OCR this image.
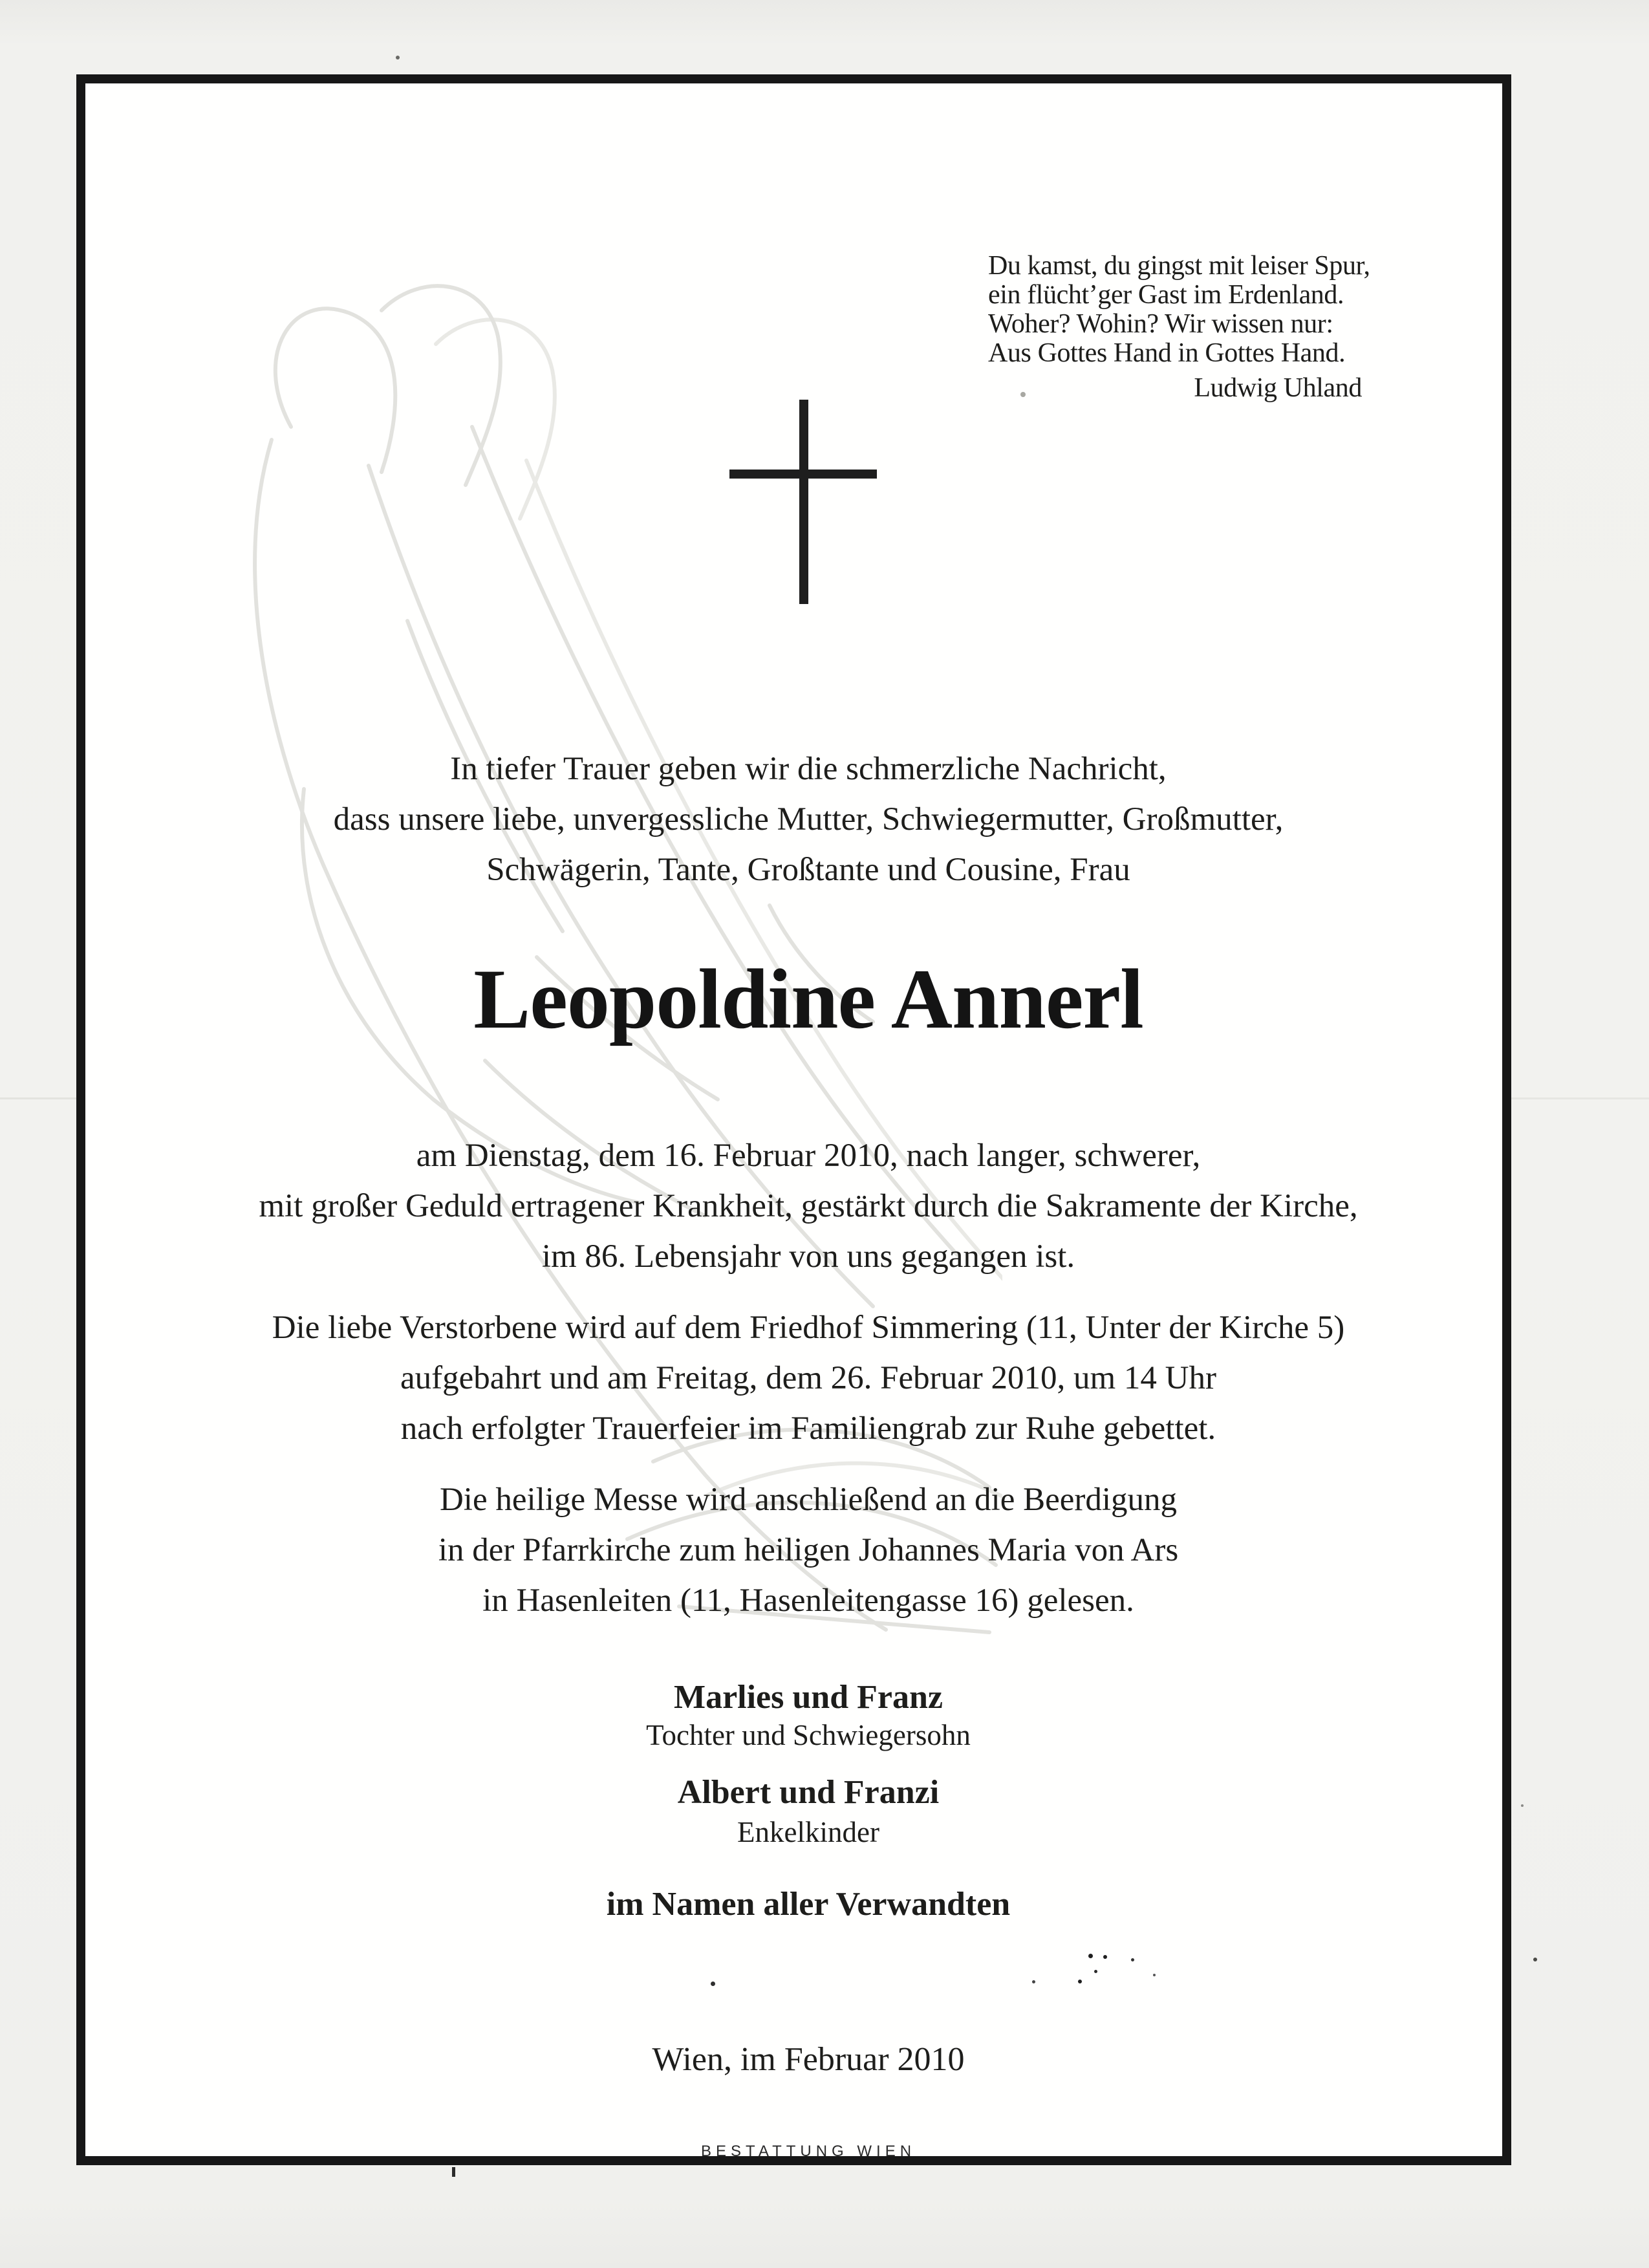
Du kamst, du gingst mit leiser Spur,
ein flücht’ger Gast im Erdenland.
Woher? Wohin? Wir wissen nur:
Aus Gottes Hand in Gottes Hand.
Ludwig Uhland
In tiefer Trauer geben wir die schmerzliche Nachricht,
dass unsere liebe, unvergessliche Mutter, Schwiegermutter, Großmutter,
Schwägerin, Tante, Großtante und Cousine, Frau
Leopoldine Annerl
am Dienstag, dem 16. Februar 2010, nach langer, schwerer,
mit großer Geduld ertragener Krankheit, gestärkt durch die Sakramente der Kirche,
im 86. Lebensjahr von uns gegangen ist.
Die liebe Verstorbene wird auf dem Friedhof Simmering (11, Unter der Kirche 5)
aufgebahrt und am Freitag, dem 26. Februar 2010, um 14 Uhr
nach erfolgter Trauerfeier im Familiengrab zur Ruhe gebettet.
Die heilige Messe wird anschließend an die Beerdigung
in der Pfarrkirche zum heiligen Johannes Maria von Ars
in Hasenleiten (11, Hasenleitengasse 16) gelesen.
Marlies und Franz
Tochter und Schwiegersohn
Albert und Franzi
Enkelkinder
im Namen aller Verwandten
Wien, im Februar 2010
BESTATTUNG WIEN
